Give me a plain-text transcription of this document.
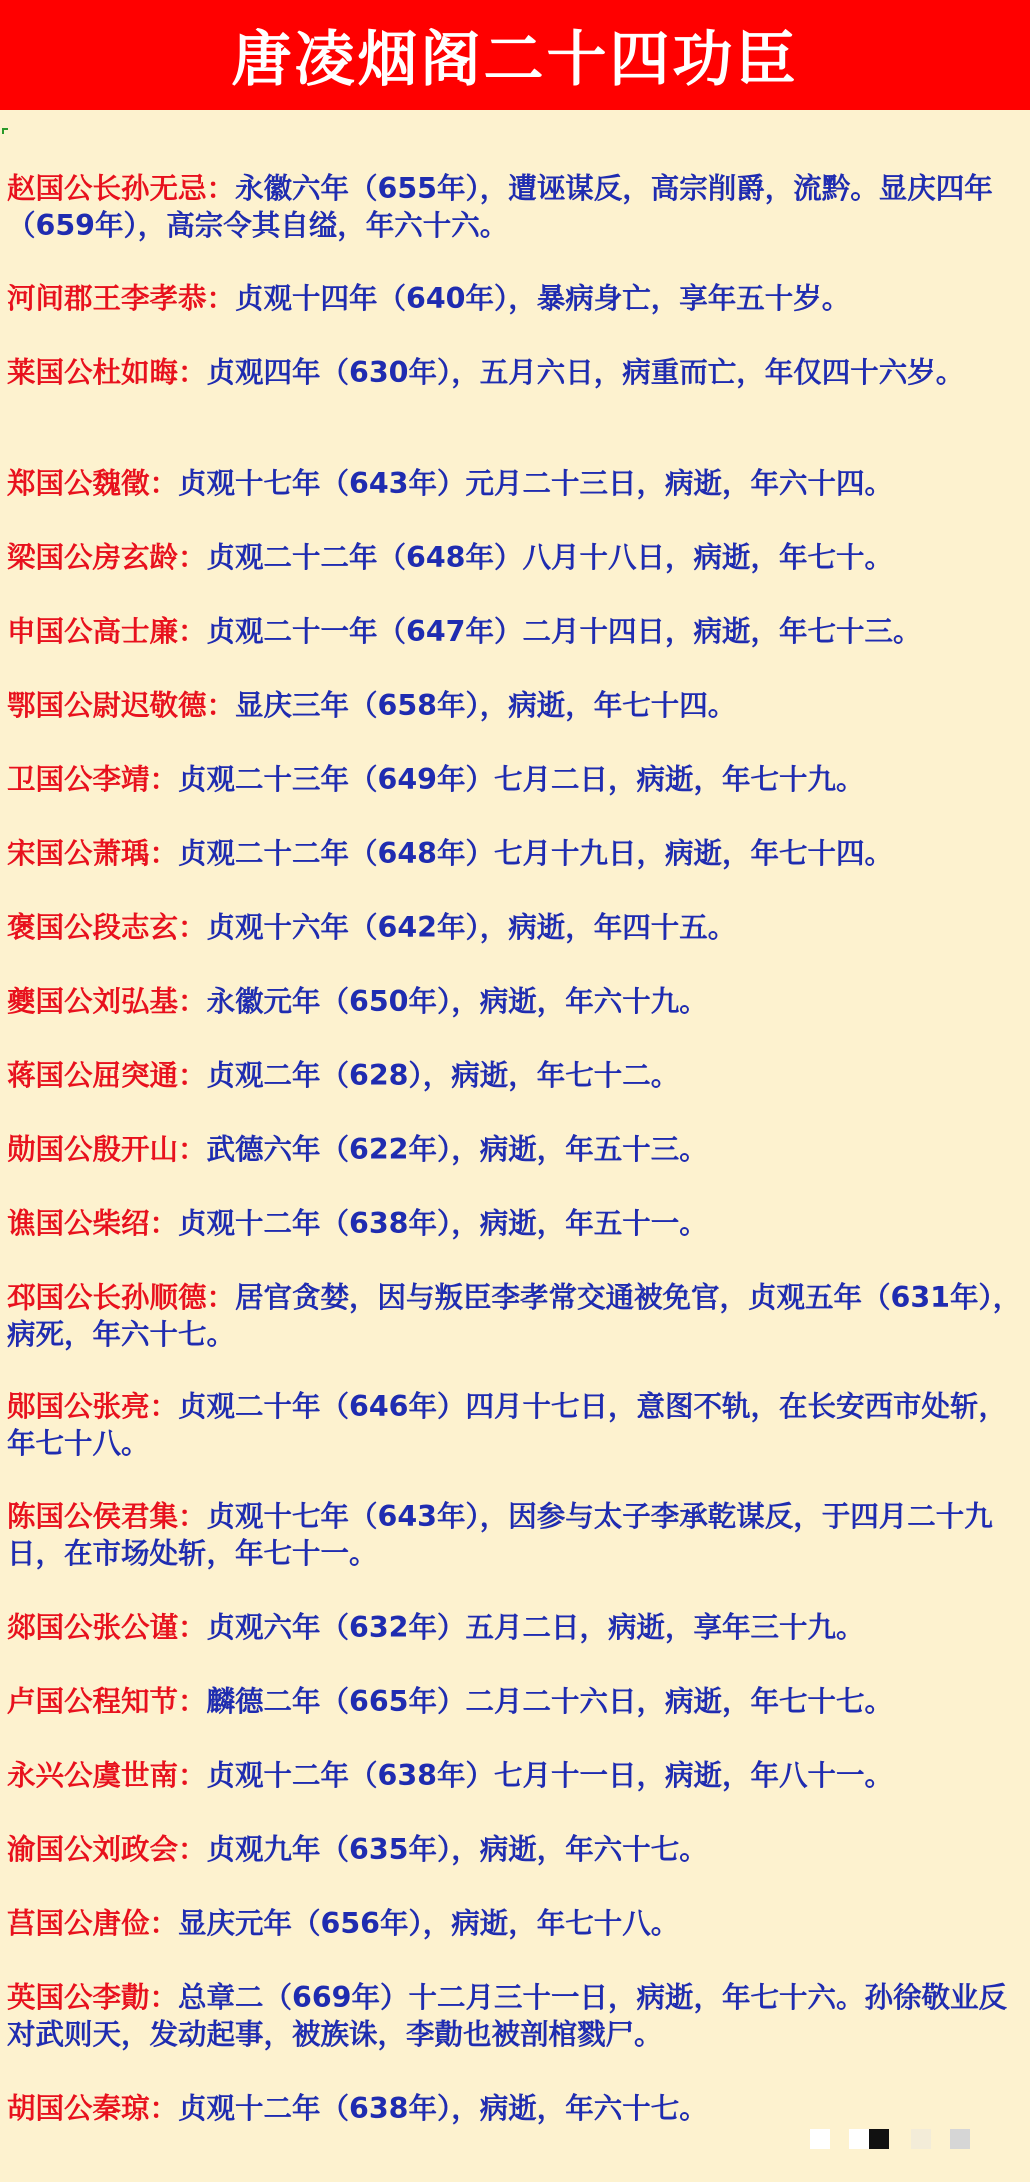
唐凌烟阁二十四功臣
赵国公长孙无忌：永徽六年（655年），遭诬谋反，高宗削爵，流黔。显庆四年（659年），高宗令其自缢，年六十六。
河间郡王李孝恭：贞观十四年（640年），暴病身亡，享年五十岁。
莱国公杜如晦：贞观四年（630年），五月六日，病重而亡，年仅四十六岁。
郑国公魏徵：贞观十七年（643年）元月二十三日，病逝，年六十四。
梁国公房玄龄：贞观二十二年（648年）八月十八日，病逝，年七十。
申国公高士廉：贞观二十一年（647年）二月十四日，病逝，年七十三。
鄂国公尉迟敬德：显庆三年（658年），病逝，年七十四。
卫国公李靖：贞观二十三年（649年）七月二日，病逝，年七十九。
宋国公萧瑀：贞观二十二年（648年）七月十九日，病逝，年七十四。
褒国公段志玄：贞观十六年（642年），病逝，年四十五。
夔国公刘弘基：永徽元年（650年），病逝，年六十九。
蒋国公屈突通：贞观二年（628），病逝，年七十二。
勋国公殷开山：武德六年（622年），病逝，年五十三。
谯国公柴绍：贞观十二年（638年），病逝，年五十一。
邳国公长孙顺德：居官贪婪，因与叛臣李孝常交通被免官，贞观五年（631年），病死，年六十七。
郧国公张亮：贞观二十年（646年）四月十七日，意图不轨，在长安西市处斩，年七十八。
陈国公侯君集：贞观十七年（643年），因参与太子李承乾谋反，于四月二十九日，在市场处斩，年七十一。
郯国公张公谨：贞观六年（632年）五月二日，病逝，享年三十九。
卢国公程知节：麟德二年（665年）二月二十六日，病逝，年七十七。
永兴公虞世南：贞观十二年（638年）七月十一日，病逝，年八十一。
渝国公刘政会：贞观九年（635年），病逝，年六十七。
莒国公唐俭：显庆元年（656年），病逝，年七十八。
英国公李勣：总章二（669年）十二月三十一日，病逝，年七十六。孙徐敬业反对武则天，发动起事，被族诛，李勣也被剖棺戮尸。
胡国公秦琼：贞观十二年（638年），病逝，年六十七。
